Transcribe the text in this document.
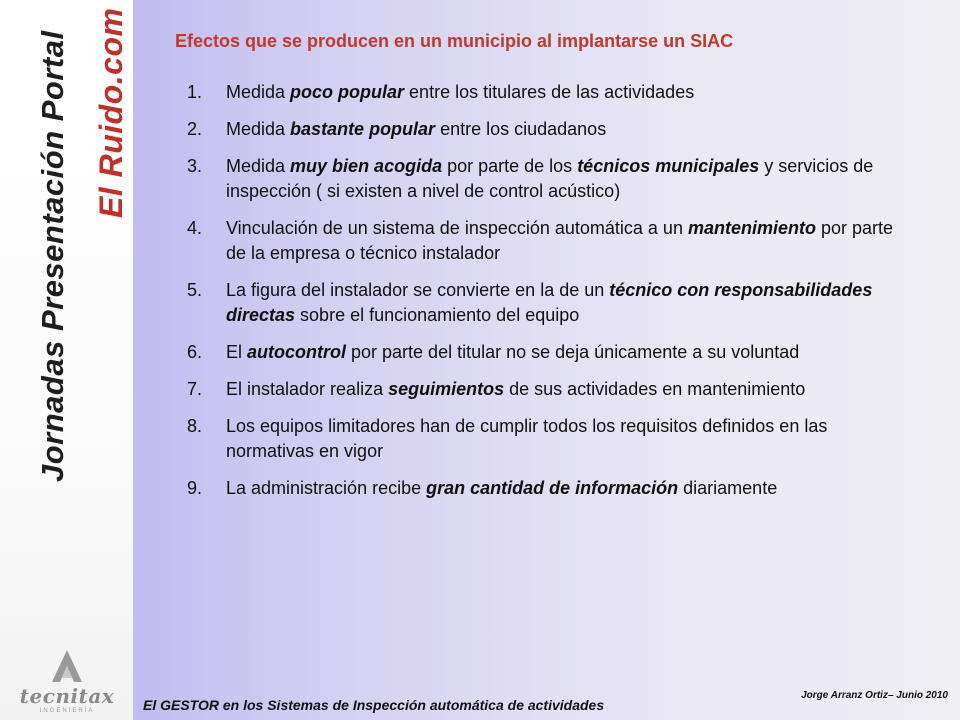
Jornadas Presentación Portal El Ruido.com
tecnitax
INGENIERÍA
Efectos que se producen en un municipio al implantarse un SIAC
1.	Medida poco popular entre los titulares de las actividades
2.	Medida bastante popular entre los ciudadanos
3.	Medida muy bien acogida por parte de los técnicos municipales y servicios de inspección ( si existen a nivel de control acústico)
4.	Vinculación de un sistema de inspección automática a un mantenimiento por parte de la empresa o técnico instalador
5.	La figura del instalador se convierte en la de un técnico con responsabilidades directas sobre el funcionamiento del equipo
6.	El autocontrol por parte del titular no se deja únicamente a su voluntad
7.	El instalador realiza seguimientos de sus actividades en mantenimiento
8.	Los equipos limitadores han de cumplir todos los requisitos definidos en las normativas en vigor
9.	La administración recibe gran cantidad de información diariamente
El GESTOR en los Sistemas de Inspección automática de actividades
Jorge Arranz Ortiz– Junio 2010
